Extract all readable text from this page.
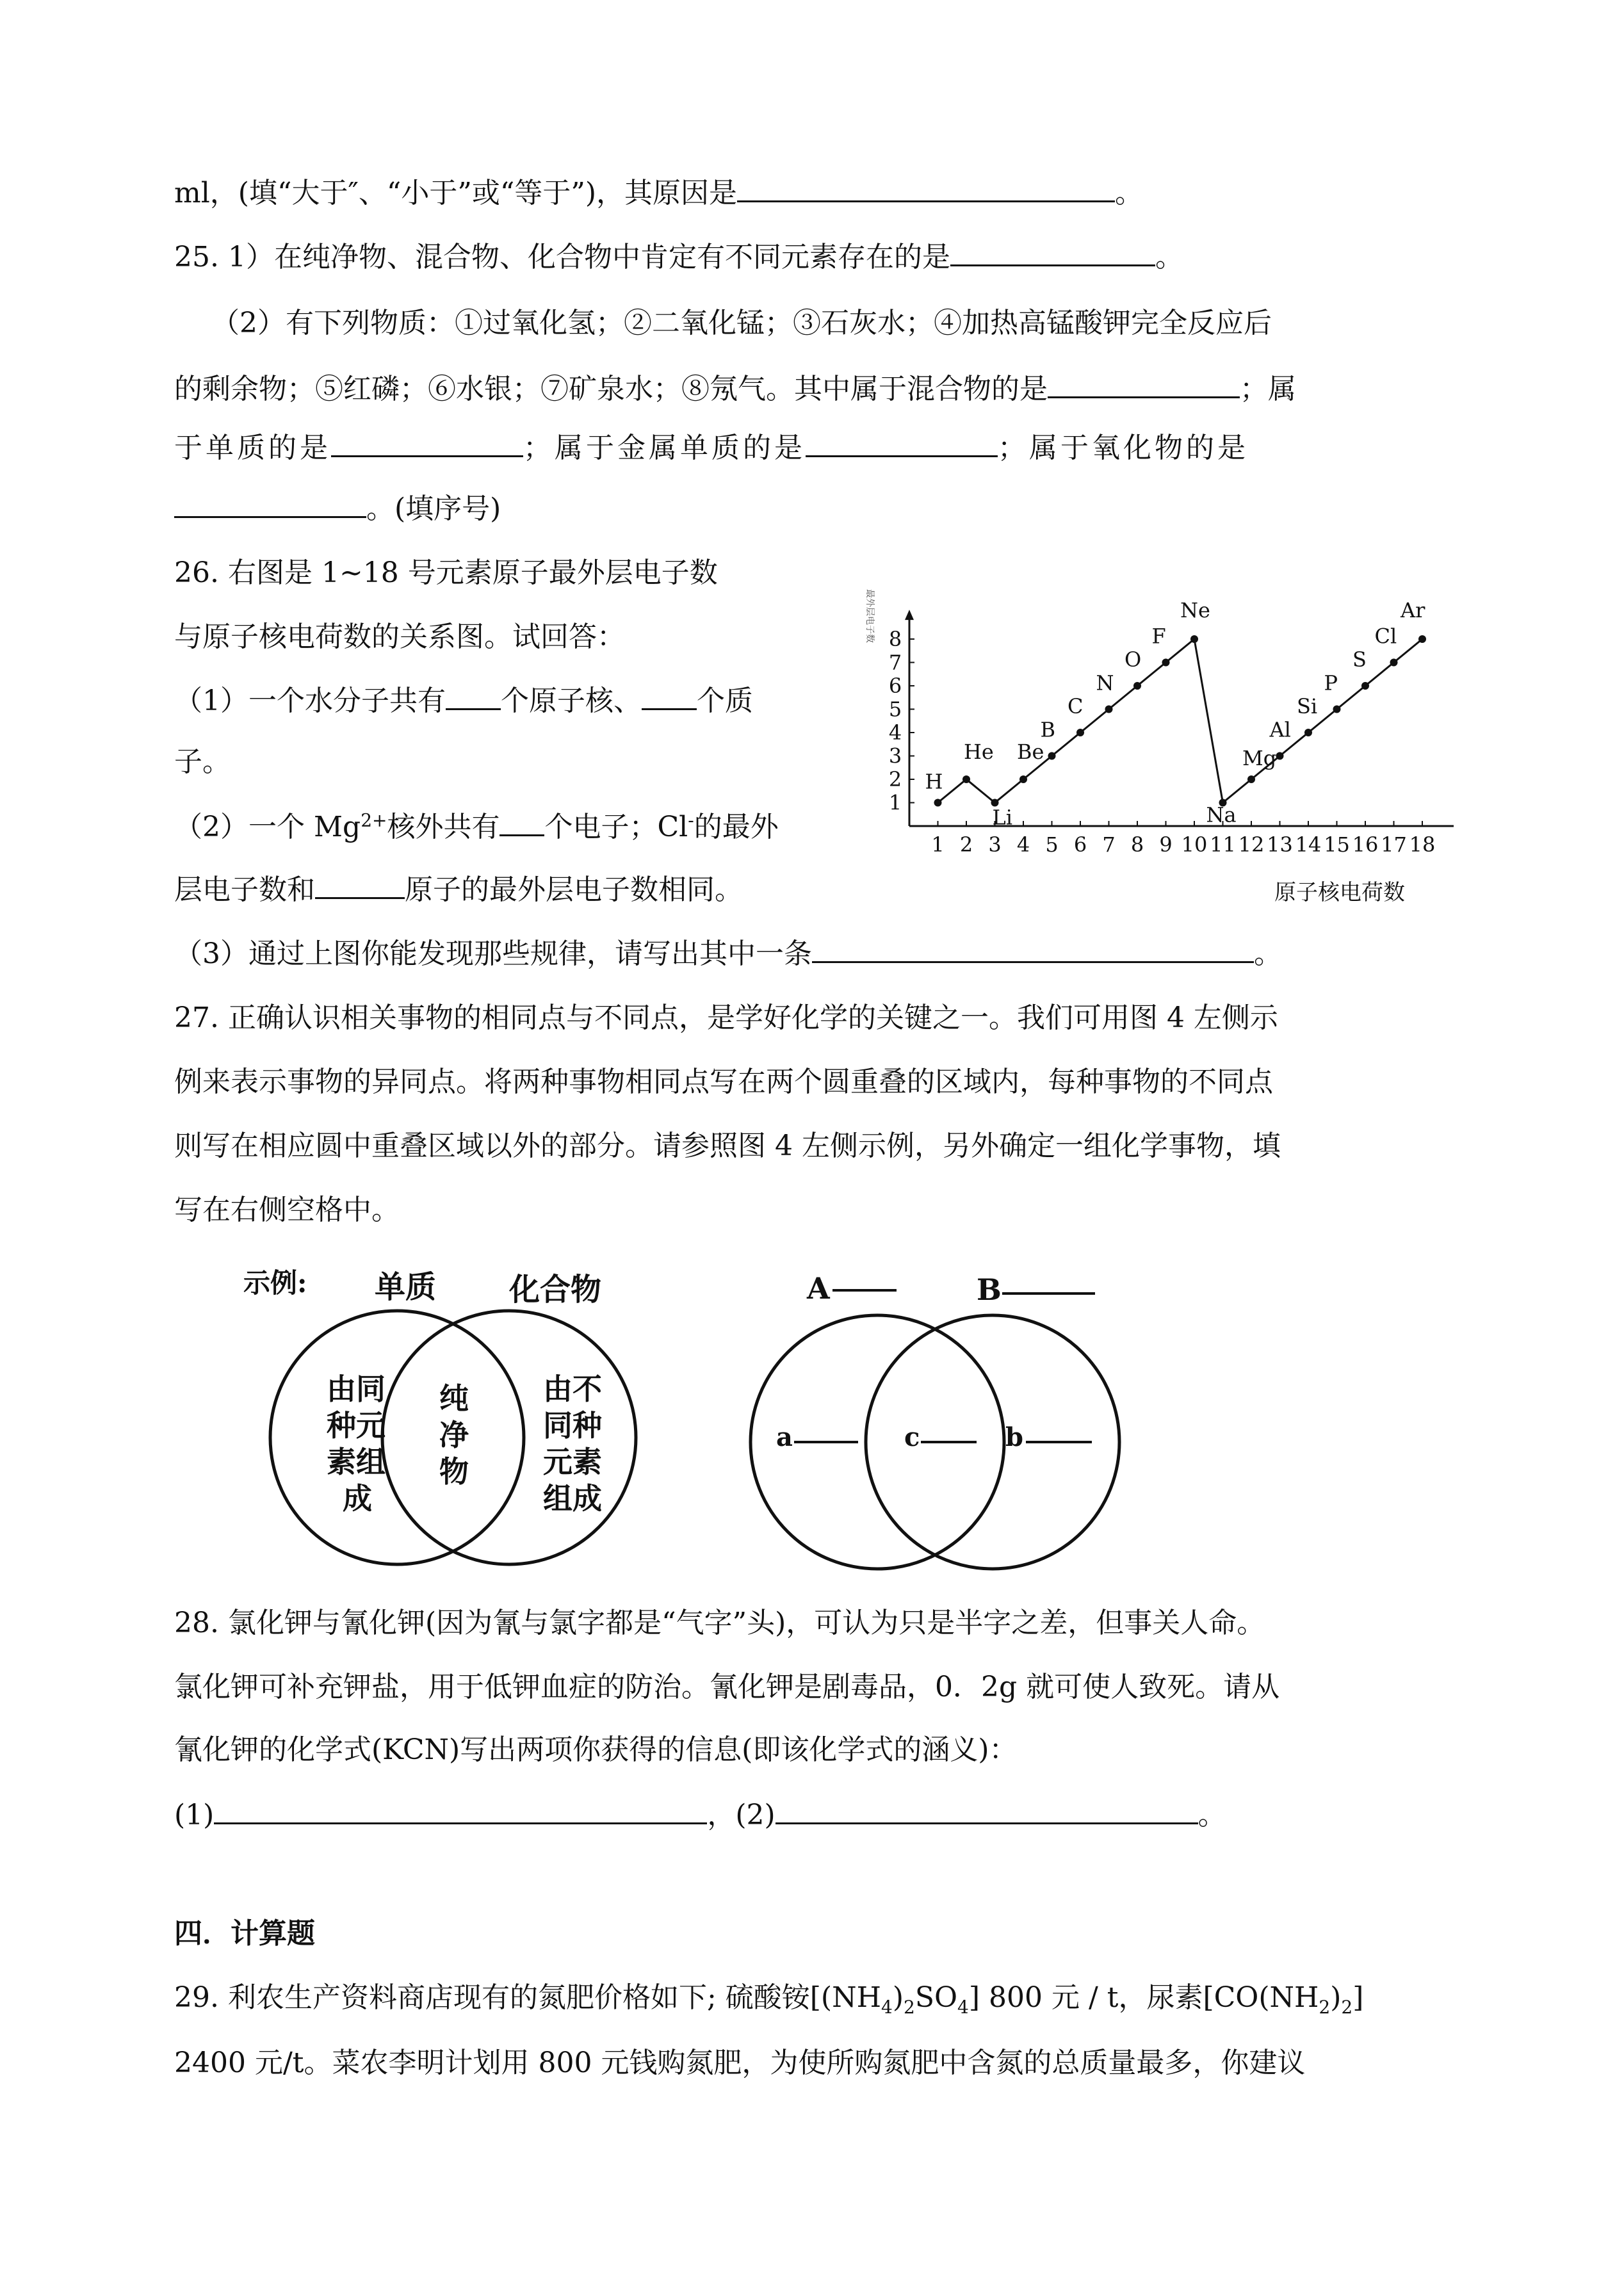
ml，(填“大于″、“小于”或“等于”)，其原因是	。
25. 1）在纯净物、混合物、化合物中肯定有不同元素存在的是	。
（2）有下列物质：①过氧化氢；②二氧化锰；③石灰水；④加热高锰酸钾完全反应后
的剩余物；⑤红磷；⑥水银；⑦矿泉水；⑧氖气。其中属于混合物的是	；属
于单质的是	；属于金属单质的是	；属于氧化物的是
。(填序号)
26. 右图是 1~18 号元素原子最外层电子数
与原子核电荷数的关系图。试回答：
（1）一个水分子共有 个原子核、 个质
子。
（2）一个 $Mg^{2+}$核外共有 个电子；Cl-的最外
层电子数和	原子的最外层电子数相同。
（3）通过上图你能发现那些规律，请写出其中一条	。
1 2 3 4 5 6 7 8 9 10 11 12 13 14 15 16 17 18
1
2
3
4
5
6
7
8
H
He
Li
Be
B
C
N
O
F
Ne
Na
Mg
Al
Si
P
S
Cl
Ar
原子核电荷数
最外层电子数
27. 正确认识相关事物的相同点与不同点，是学好化学的关键之一。我们可用图 4 左侧示
例来表示事物的异同点。将两种事物相同点写在两个圆重叠的区域内，每种事物的不同点
则写在相应圆中重叠区域以外的部分。请参照图 4 左侧示例，另外确定一组化学事物，填
写在右侧空格中。
示例: 单质 化合物
由同
种元
素组
成
纯
净
物
由不
同种
元素
组成
A	B
a	c	b
28. 氯化钾与氰化钾(因为氰与氯字都是“气字”头)，可认为只是半字之差，但事关人命。
氯化钾可补充钾盐，用于低钾血症的防治。氰化钾是剧毒品，0．2g 就可使人致死。请从
氰化钾的化学式(KCN)写出两项你获得的信息(即该化学式的涵义)：
(1)	，(2)	。
四．计算题
29. 利农生产资料商店现有的氮肥价格如下; 硫酸铵$[(NH_4)_2SO_4]$ 800 元 / t，尿素$[CO(NH_2)_2]$
2400 元/t。菜农李明计划用 800 元钱购氮肥，为使所购氮肥中含氮的总质量最多，你建议
